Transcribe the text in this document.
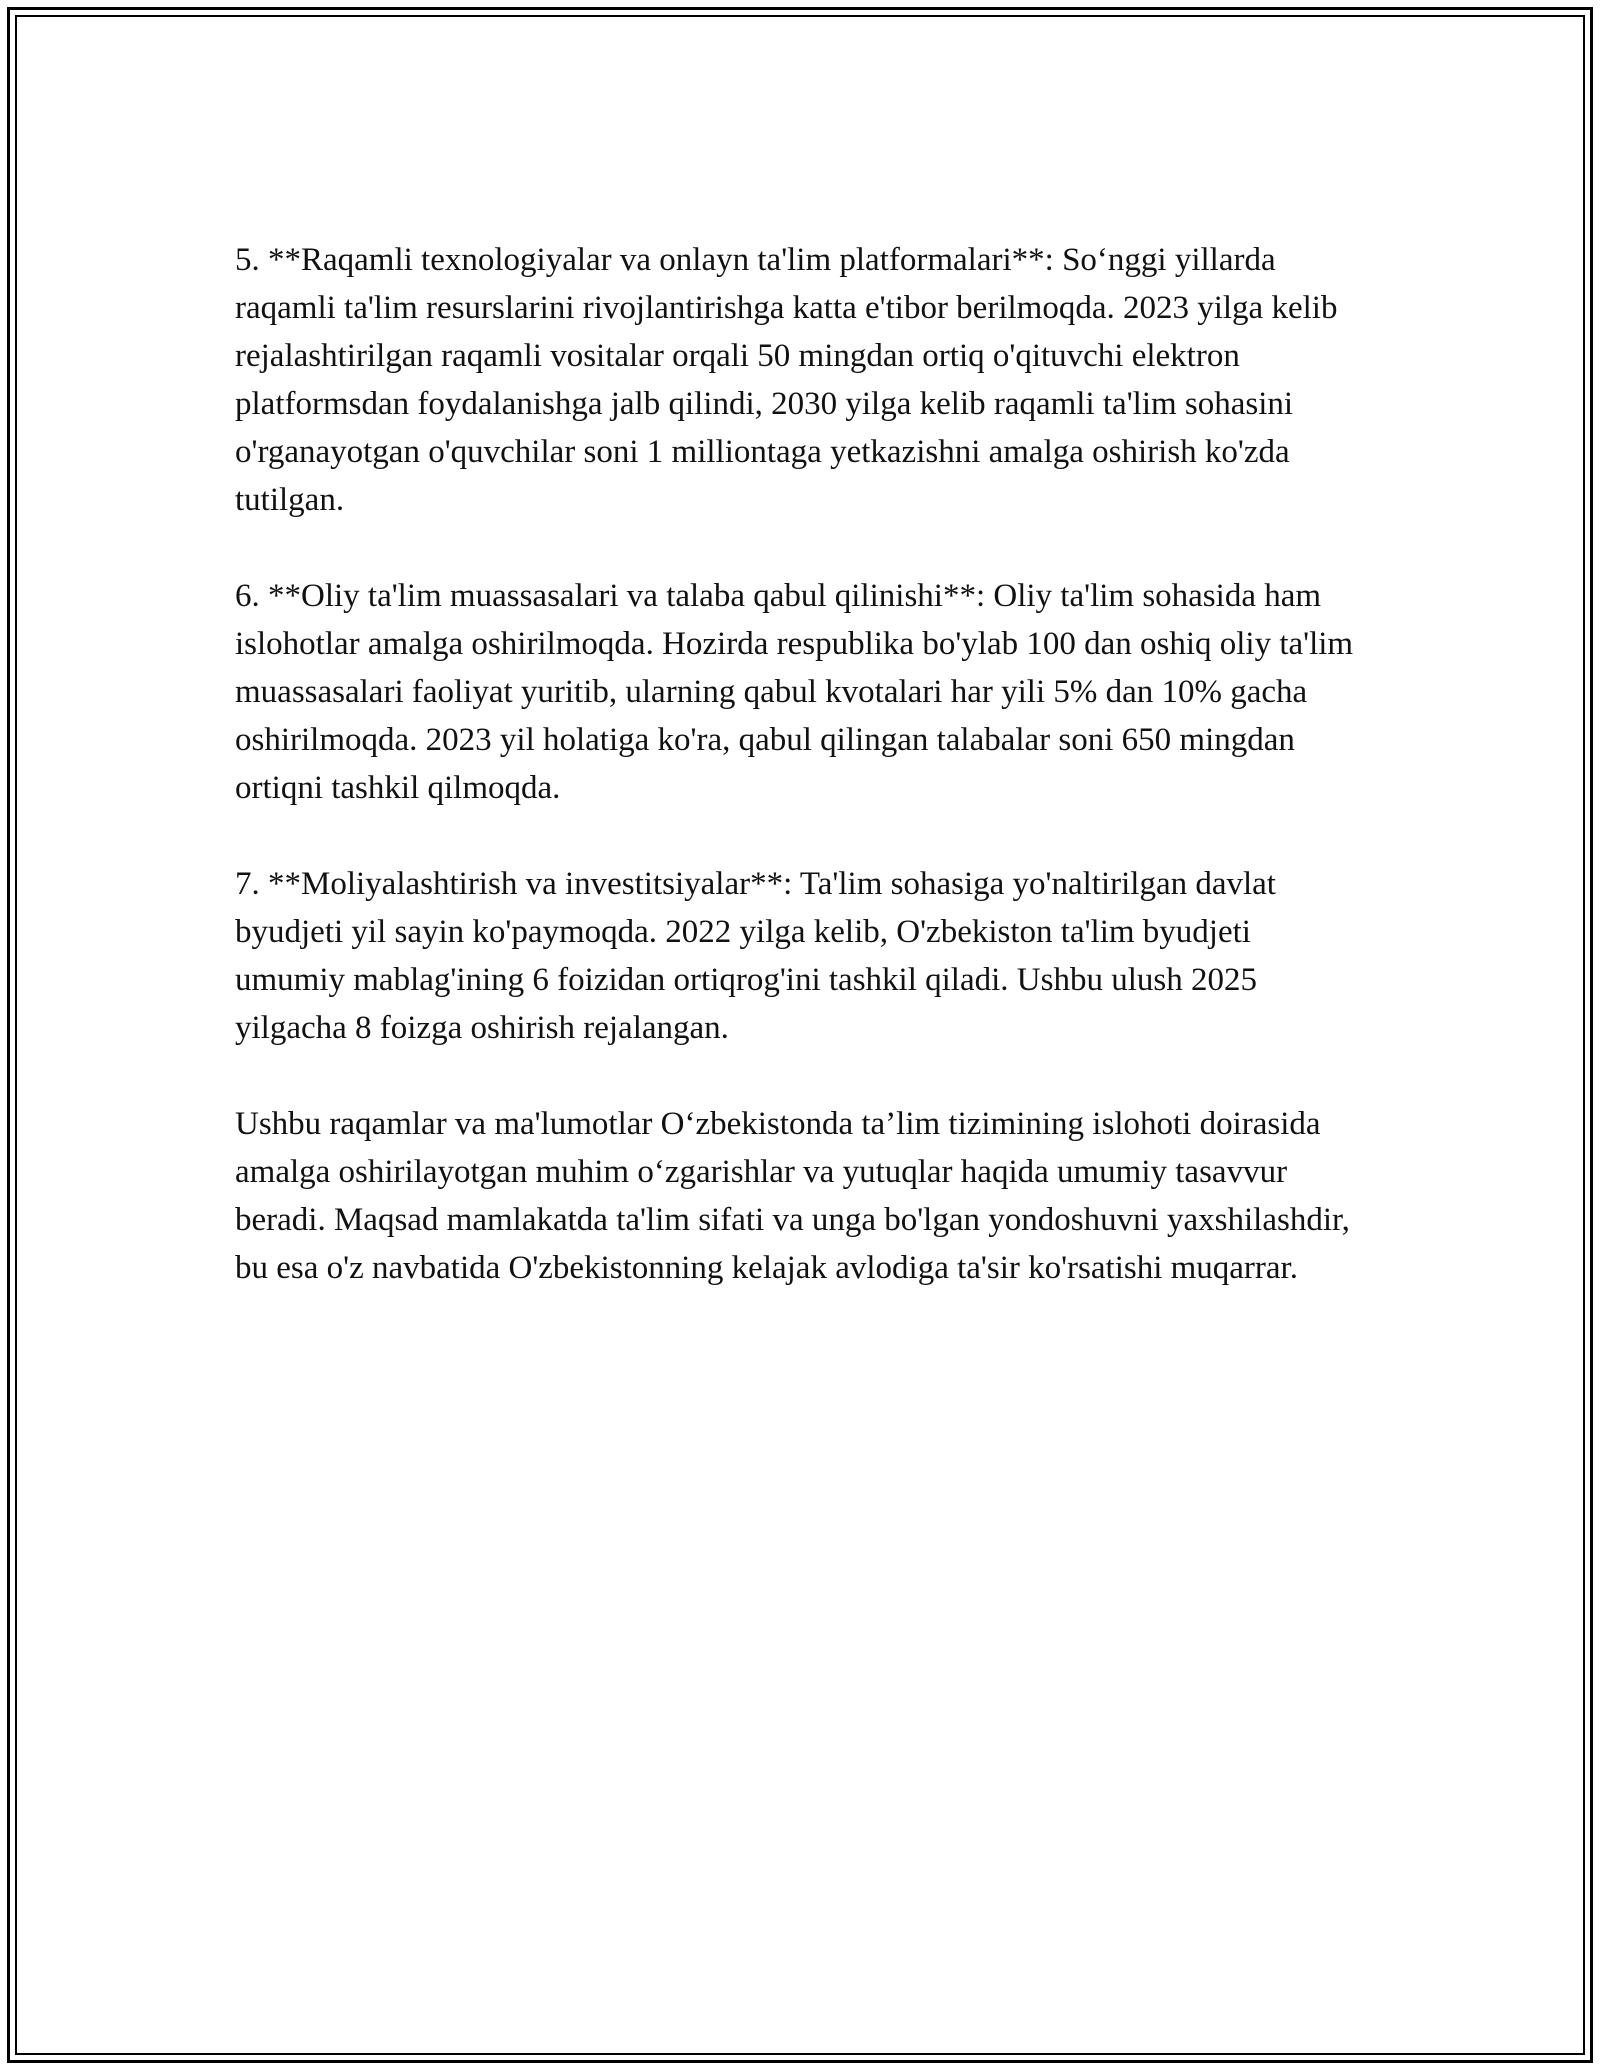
5. **Raqamli texnologiyalar va onlayn ta'lim platformalari**: So‘nggi yillarda raqamli ta'lim resurslarini rivojlantirishga katta e'tibor berilmoqda. 2023 yilga kelib rejalashtirilgan raqamli vositalar orqali 50 mingdan ortiq o'qituvchi elektron platformsdan foydalanishga jalb qilindi, 2030 yilga kelib raqamli ta'lim sohasini o'rganayotgan o'quvchilar soni 1 milliontaga yetkazishni amalga oshirish ko'zda tutilgan.

6. **Oliy ta'lim muassasalari va talaba qabul qilinishi**: Oliy ta'lim sohasida ham islohotlar amalga oshirilmoqda. Hozirda respublika bo'ylab 100 dan oshiq oliy ta'lim muassasalari faoliyat yuritib, ularning qabul kvotalari har yili 5% dan 10% gacha oshirilmoqda. 2023 yil holatiga ko'ra, qabul qilingan talabalar soni 650 mingdan ortiqni tashkil qilmoqda.

7. **Moliyalashtirish va investitsiyalar**: Ta'lim sohasiga yo'naltirilgan davlat byudjeti yil sayin ko'paymoqda. 2022 yilga kelib, O'zbekiston ta'lim byudjeti umumiy mablag'ining 6 foizidan ortiqrog'ini tashkil qiladi. Ushbu ulush 2025 yilgacha 8 foizga oshirish rejalangan.

Ushbu raqamlar va ma'lumotlar O‘zbekistonda ta’lim tizimining islohoti doirasida amalga oshirilayotgan muhim o‘zgarishlar va yutuqlar haqida umumiy tasavvur beradi. Maqsad mamlakatda ta'lim sifati va unga bo'lgan yondoshuvni yaxshilashdir, bu esa o'z navbatida O'zbekistonning kelajak avlodiga ta'sir ko'rsatishi muqarrar.
